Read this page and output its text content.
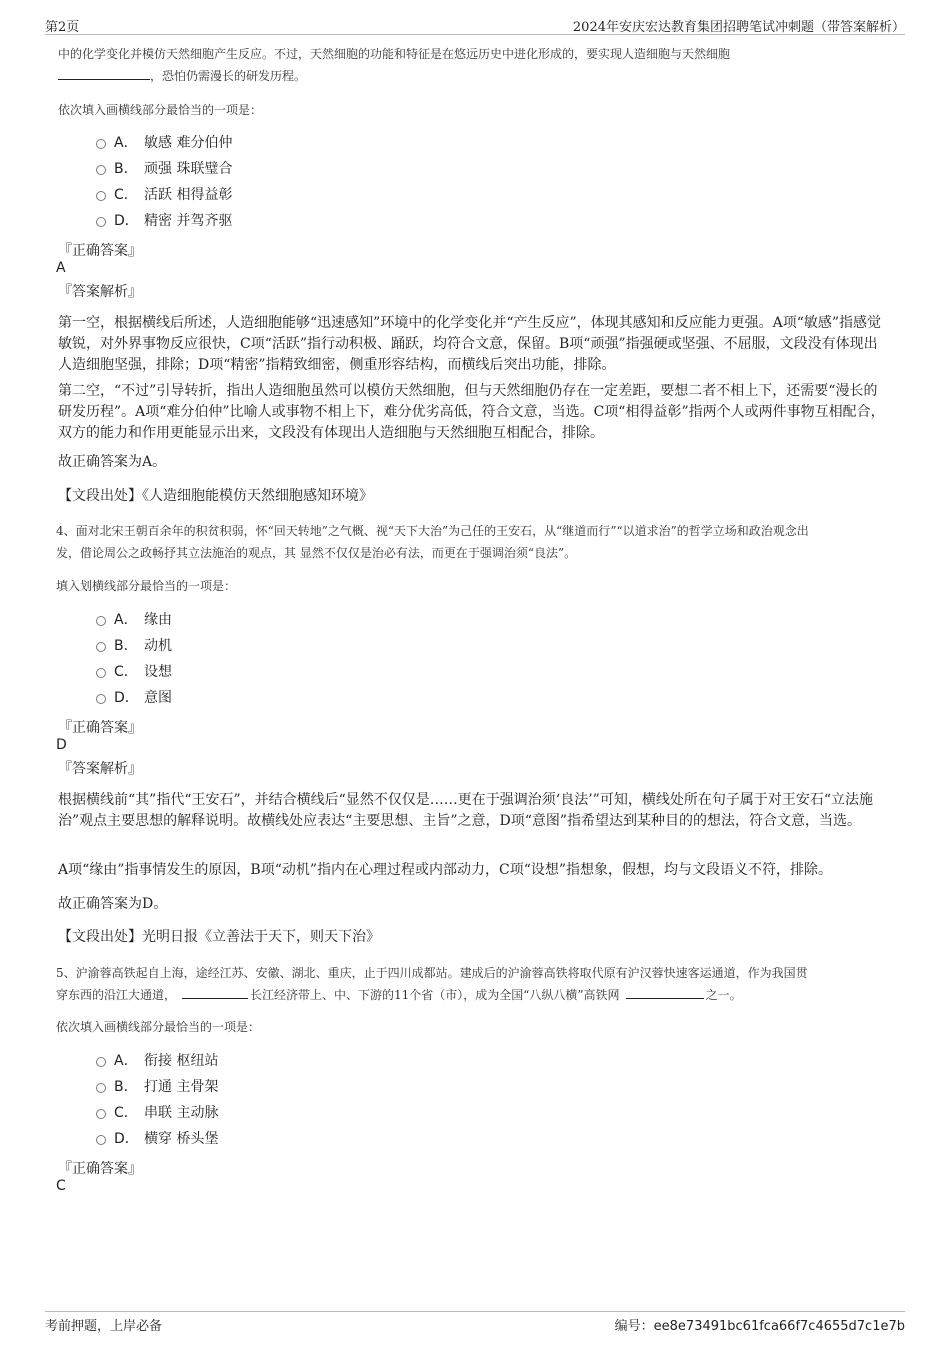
第2页	2024年安庆宏达教育集团招聘笔试冲刺题（带答案解析）
中的化学变化并模仿天然细胞产生反应。不过，天然细胞的功能和特征是在悠远历史中进化形成的，要实现人造细胞与天然细胞
，恐怕仍需漫长的研发历程。
依次填入画横线部分最恰当的一项是：
A． 敏感 难分伯仲
B． 顽强 珠联璧合
C． 活跃 相得益彰
D． 精密 并驾齐驱
『正确答案』
A
『答案解析』
第一空，根据横线后所述，人造细胞能够“迅速感知”环境中的化学变化并“产生反应”，体现其感知和反应能力更强。A项“敏感”指感觉敏锐，对外界事物反应很快，C项“活跃”指行动积极、踊跃，均符合文意，保留。B项“顽强”指强硬或坚强、不屈服，文段没有体现出人造细胞坚强，排除；D项“精密”指精致细密，侧重形容结构，而横线后突出功能，排除。
第二空，“不过”引导转折，指出人造细胞虽然可以模仿天然细胞，但与天然细胞仍存在一定差距，要想二者不相上下，还需要“漫长的研发历程”。A项“难分伯仲”比喻人或事物不相上下，难分优劣高低，符合文意，当选。C项“相得益彰”指两个人或两件事物互相配合，双方的能力和作用更能显示出来，文段没有体现出人造细胞与天然细胞互相配合，排除。
故正确答案为A。
【文段出处】《人造细胞能模仿天然细胞感知环境》
4、面对北宋王朝百余年的积贫积弱，怀“回天转地”之气概、视“天下大治”为己任的王安石，从“继道而行”“以道求治”的哲学立场和政治观念出
发，借论周公之政畅抒其立法施治的观点，其 显然不仅仅是治必有法，而更在于强调治须“良法”。
填入划横线部分最恰当的一项是：
A． 缘由
B． 动机
C． 设想
D． 意图
『正确答案』
D
『答案解析』
根据横线前“其”指代“王安石”，并结合横线后“显然不仅仅是……更在于强调治须‘良法’”可知，横线处所在句子属于对王安石“立法施治”观点主要思想的解释说明。故横线处应表达“主要思想、主旨”之意，D项“意图”指希望达到某种目的的想法，符合文意，当选。
A项“缘由”指事情发生的原因，B项“动机”指内在心理过程或内部动力，C项“设想”指想象，假想，均与文段语义不符，排除。
故正确答案为D。
【文段出处】光明日报《立善法于天下，则天下治》
5、沪渝蓉高铁起自上海，途经江苏、安徽、湖北、重庆，止于四川成都站。建成后的沪渝蓉高铁将取代原有沪汉蓉快速客运通道，作为我国贯
穿东西的沿江大通道，	长江经济带上、中、下游的11个省（市），成为全国“八纵八横”高铁网	之一。
依次填入画横线部分最恰当的一项是：
A． 衔接 枢纽站
B． 打通 主骨架
C． 串联 主动脉
D． 横穿 桥头堡
『正确答案』
C
考前押题，上岸必备	编号：ee8e73491bc61fca66f7c4655d7c1e7b
